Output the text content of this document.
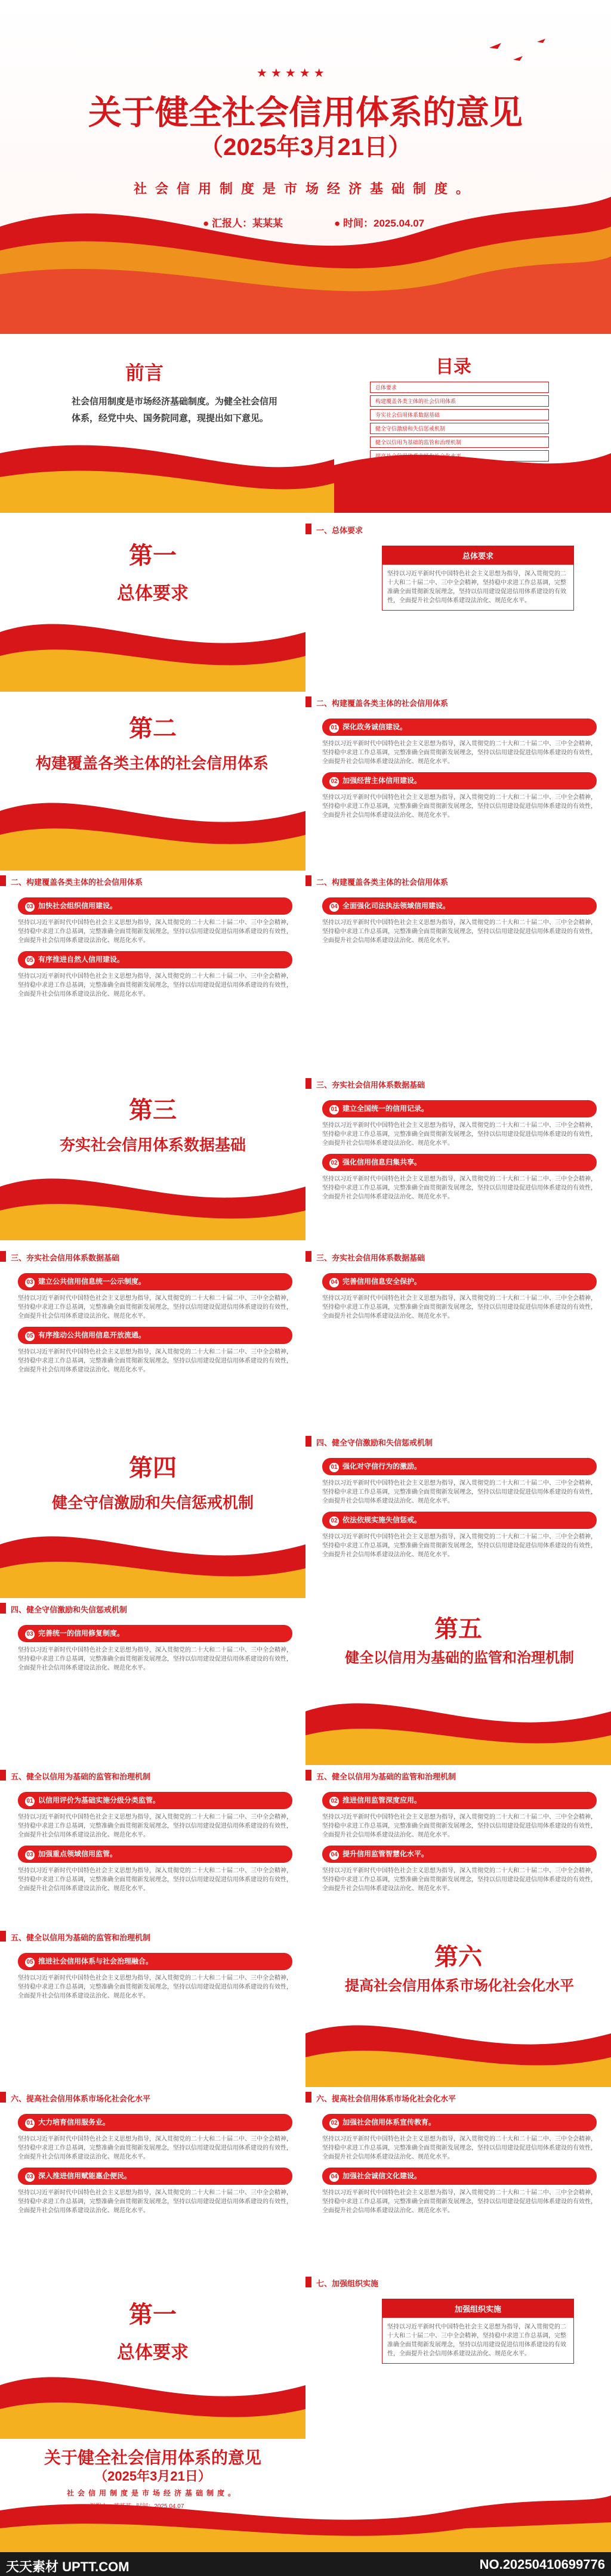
★★★★★
关于健全社会信用体系的意见
（2025年3月21日）
社会信用制度是市场经济基础制度。
● 汇报人：某某某	● 时间：2025.04.07
前言
社会信用制度是市场经济基础制度。为健全社会信用体系，经党中央、国务院同意，现提出如下意见。
目录
总体要求
构建覆盖各类主体的社会信用体系
夯实社会信用体系数据基础
健全守信激励和失信惩戒机制
健全以信用为基础的监管和治理机制
提高社会信用体系市场化社会化水平
加强组织实施
第一
总体要求
一、总体要求
总体要求
坚持以习近平新时代中国特色社会主义思想为指导，深入贯彻党的二十大和二十届二中、三中全会精神，坚持稳中求进工作总基调，完整准确全面贯彻新发展理念，坚持以信用建设促进信用体系建设的有效性，全面提升社会信用体系建设法治化、规范化水平。
第二
构建覆盖各类主体的社会信用体系
二、构建覆盖各类主体的社会信用体系
01 深化政务诚信建设。
坚持以习近平新时代中国特色社会主义思想为指导，深入贯彻党的二十大和二十届二中、三中全会精神，坚持稳中求进工作总基调，完整准确全面贯彻新发展理念，坚持以信用建设促进信用体系建设的有效性，全面提升社会信用体系建设法治化、规范化水平。
02 加强经营主体信用建设。
坚持以习近平新时代中国特色社会主义思想为指导，深入贯彻党的二十大和二十届二中、三中全会精神，坚持稳中求进工作总基调，完整准确全面贯彻新发展理念，坚持以信用建设促进信用体系建设的有效性，全面提升社会信用体系建设法治化、规范化水平。
二、构建覆盖各类主体的社会信用体系
03 加快社会组织信用建设。
坚持以习近平新时代中国特色社会主义思想为指导，深入贯彻党的二十大和二十届二中、三中全会精神，坚持稳中求进工作总基调，完整准确全面贯彻新发展理念，坚持以信用建设促进信用体系建设的有效性，全面提升社会信用体系建设法治化、规范化水平。
05 有序推进自然人信用建设。
坚持以习近平新时代中国特色社会主义思想为指导，深入贯彻党的二十大和二十届二中、三中全会精神，坚持稳中求进工作总基调，完整准确全面贯彻新发展理念，坚持以信用建设促进信用体系建设的有效性，全面提升社会信用体系建设法治化、规范化水平。
二、构建覆盖各类主体的社会信用体系
04 全面强化司法执法领域信用建设。
坚持以习近平新时代中国特色社会主义思想为指导，深入贯彻党的二十大和二十届二中、三中全会精神，坚持稳中求进工作总基调，完整准确全面贯彻新发展理念，坚持以信用建设促进信用体系建设的有效性，全面提升社会信用体系建设法治化、规范化水平。
第三
夯实社会信用体系数据基础
三、夯实社会信用体系数据基础
01 建立全国统一的信用记录。
坚持以习近平新时代中国特色社会主义思想为指导，深入贯彻党的二十大和二十届二中、三中全会精神，坚持稳中求进工作总基调，完整准确全面贯彻新发展理念，坚持以信用建设促进信用体系建设的有效性，全面提升社会信用体系建设法治化、规范化水平。
02 强化信用信息归集共享。
坚持以习近平新时代中国特色社会主义思想为指导，深入贯彻党的二十大和二十届二中、三中全会精神，坚持稳中求进工作总基调，完整准确全面贯彻新发展理念，坚持以信用建设促进信用体系建设的有效性，全面提升社会信用体系建设法治化、规范化水平。
三、夯实社会信用体系数据基础
03 建立公共信用信息统一公示制度。
坚持以习近平新时代中国特色社会主义思想为指导，深入贯彻党的二十大和二十届二中、三中全会精神，坚持稳中求进工作总基调，完整准确全面贯彻新发展理念，坚持以信用建设促进信用体系建设的有效性，全面提升社会信用体系建设法治化、规范化水平。
05 有序推动公共信用信息开放流通。
坚持以习近平新时代中国特色社会主义思想为指导，深入贯彻党的二十大和二十届二中、三中全会精神，坚持稳中求进工作总基调，完整准确全面贯彻新发展理念，坚持以信用建设促进信用体系建设的有效性，全面提升社会信用体系建设法治化、规范化水平。
三、夯实社会信用体系数据基础
04 完善信用信息安全保护。
坚持以习近平新时代中国特色社会主义思想为指导，深入贯彻党的二十大和二十届二中、三中全会精神，坚持稳中求进工作总基调，完整准确全面贯彻新发展理念，坚持以信用建设促进信用体系建设的有效性，全面提升社会信用体系建设法治化、规范化水平。
第四
健全守信激励和失信惩戒机制
四、健全守信激励和失信惩戒机制
01 强化对守信行为的激励。
坚持以习近平新时代中国特色社会主义思想为指导，深入贯彻党的二十大和二十届二中、三中全会精神，坚持稳中求进工作总基调，完整准确全面贯彻新发展理念，坚持以信用建设促进信用体系建设的有效性，全面提升社会信用体系建设法治化、规范化水平。
02 依法依规实施失信惩戒。
坚持以习近平新时代中国特色社会主义思想为指导，深入贯彻党的二十大和二十届二中、三中全会精神，坚持稳中求进工作总基调，完整准确全面贯彻新发展理念，坚持以信用建设促进信用体系建设的有效性，全面提升社会信用体系建设法治化、规范化水平。
四、健全守信激励和失信惩戒机制
03 完善统一的信用修复制度。
坚持以习近平新时代中国特色社会主义思想为指导，深入贯彻党的二十大和二十届二中、三中全会精神，坚持稳中求进工作总基调，完整准确全面贯彻新发展理念，坚持以信用建设促进信用体系建设的有效性，全面提升社会信用体系建设法治化、规范化水平。
第五
健全以信用为基础的监管和治理机制
五、健全以信用为基础的监管和治理机制
01 以信用评价为基础实施分级分类监管。
坚持以习近平新时代中国特色社会主义思想为指导，深入贯彻党的二十大和二十届二中、三中全会精神，坚持稳中求进工作总基调，完整准确全面贯彻新发展理念，坚持以信用建设促进信用体系建设的有效性，全面提升社会信用体系建设法治化、规范化水平。
03 加强重点领域信用监管。
坚持以习近平新时代中国特色社会主义思想为指导，深入贯彻党的二十大和二十届二中、三中全会精神，坚持稳中求进工作总基调，完整准确全面贯彻新发展理念，坚持以信用建设促进信用体系建设的有效性，全面提升社会信用体系建设法治化、规范化水平。
五、健全以信用为基础的监管和治理机制
02 推进信用监管深度应用。
坚持以习近平新时代中国特色社会主义思想为指导，深入贯彻党的二十大和二十届二中、三中全会精神，坚持稳中求进工作总基调，完整准确全面贯彻新发展理念，坚持以信用建设促进信用体系建设的有效性，全面提升社会信用体系建设法治化、规范化水平。
04 提升信用监管智慧化水平。
坚持以习近平新时代中国特色社会主义思想为指导，深入贯彻党的二十大和二十届二中、三中全会精神，坚持稳中求进工作总基调，完整准确全面贯彻新发展理念，坚持以信用建设促进信用体系建设的有效性，全面提升社会信用体系建设法治化、规范化水平。
五、健全以信用为基础的监管和治理机制
05 推进社会信用体系与社会治理融合。
坚持以习近平新时代中国特色社会主义思想为指导，深入贯彻党的二十大和二十届二中、三中全会精神，坚持稳中求进工作总基调，完整准确全面贯彻新发展理念，坚持以信用建设促进信用体系建设的有效性，全面提升社会信用体系建设法治化、规范化水平。
第六
提高社会信用体系市场化社会化水平
六、提高社会信用体系市场化社会化水平
01 大力培育信用服务业。
坚持以习近平新时代中国特色社会主义思想为指导，深入贯彻党的二十大和二十届二中、三中全会精神，坚持稳中求进工作总基调，完整准确全面贯彻新发展理念，坚持以信用建设促进信用体系建设的有效性，全面提升社会信用体系建设法治化、规范化水平。
03 深入推进信用赋能惠企便民。
坚持以习近平新时代中国特色社会主义思想为指导，深入贯彻党的二十大和二十届二中、三中全会精神，坚持稳中求进工作总基调，完整准确全面贯彻新发展理念，坚持以信用建设促进信用体系建设的有效性，全面提升社会信用体系建设法治化、规范化水平。
六、提高社会信用体系市场化社会化水平
02 加强社会信用体系宣传教育。
坚持以习近平新时代中国特色社会主义思想为指导，深入贯彻党的二十大和二十届二中、三中全会精神，坚持稳中求进工作总基调，完整准确全面贯彻新发展理念，坚持以信用建设促进信用体系建设的有效性，全面提升社会信用体系建设法治化、规范化水平。
04 加强社会诚信文化建设。
坚持以习近平新时代中国特色社会主义思想为指导，深入贯彻党的二十大和二十届二中、三中全会精神，坚持稳中求进工作总基调，完整准确全面贯彻新发展理念，坚持以信用建设促进信用体系建设的有效性，全面提升社会信用体系建设法治化、规范化水平。
第一
总体要求
七、加强组织实施
加强组织实施
坚持以习近平新时代中国特色社会主义思想为指导，深入贯彻党的二十大和二十届二中、三中全会精神，坚持稳中求进工作总基调，完整准确全面贯彻新发展理念，坚持以信用建设促进信用体系建设的有效性，全面提升社会信用体系建设法治化、规范化水平。
关于健全社会信用体系的意见
（2025年3月21日）
社会信用制度是市场经济基础制度。
汇报人：某某某 时间：2025.04.07
天天素材 UPTT.COM	NO.20250410699776
